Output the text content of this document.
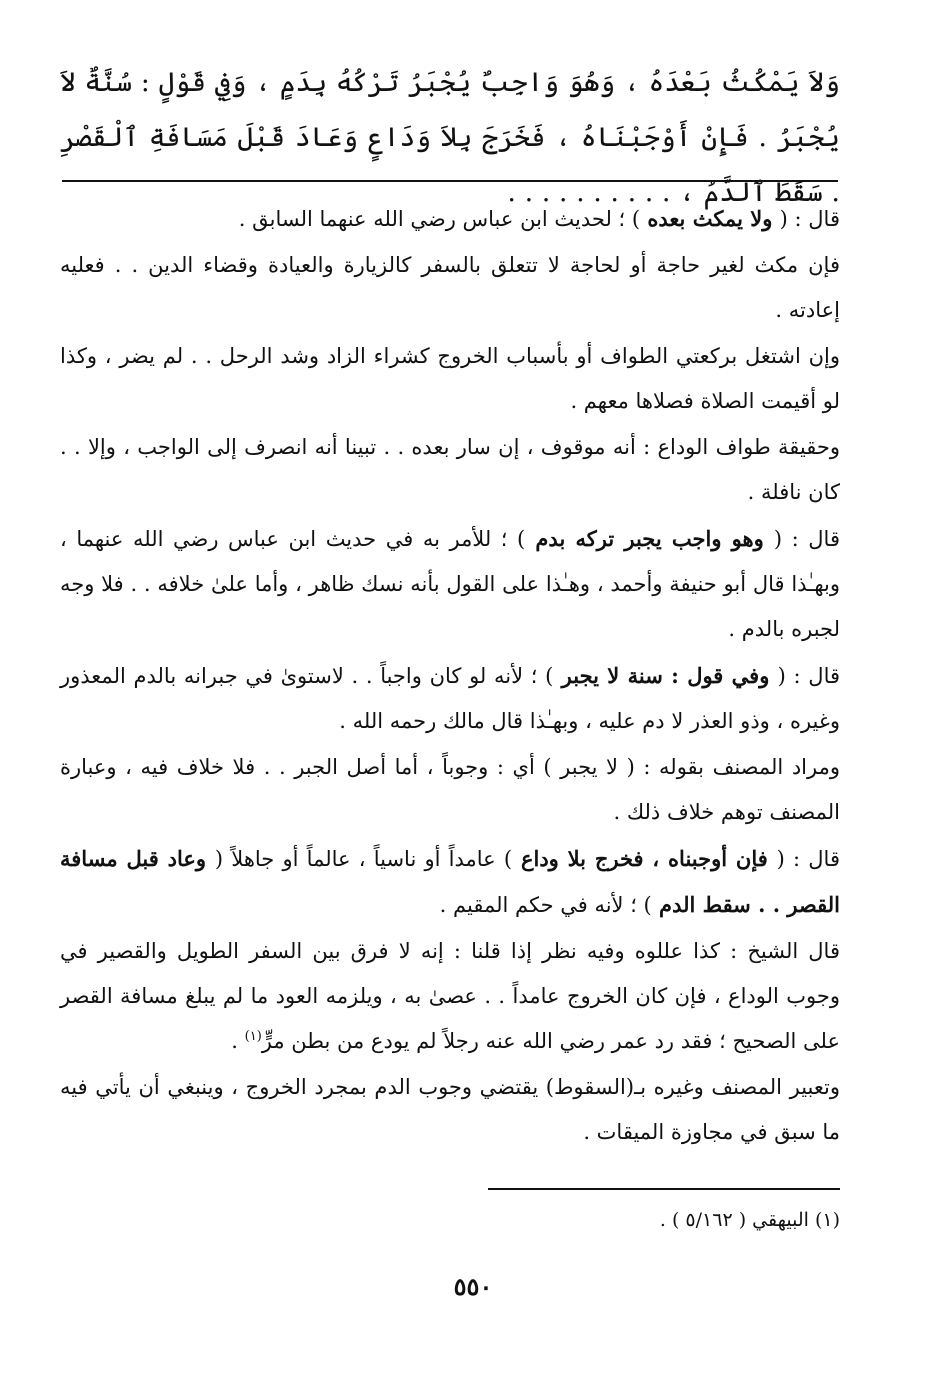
وَلاَ يَمْكُثُ بَعْدَهُ ، وَهُوَ وَاجِبٌ يُجْبَرُ تَرْكُهُ بِدَمٍ ، وَفِي قَوْلٍ : سُنَّةٌ لاَ يُجْبَرُ . فَإِنْ أَوْجَبْنَاهُ ، فَخَرَجَ بِلاَ وَدَاعٍ وَعَادَ قَبْلَ مَسَافَةِ ٱلْقَصْرِ . سَقَطَ ٱلدَّمُ ، . . . . . . . . . .

قال : ( ولا يمكث بعده ) ؛ لحديث ابن عباس رضي الله عنهما السابق .

فإن مكث لغير حاجة أو لحاجة لا تتعلق بالسفر كالزيارة والعيادة وقضاء الدين . . فعليه إعادته .

وإن اشتغل بركعتي الطواف أو بأسباب الخروج كشراء الزاد وشد الرحل . . لم يضر ، وكذا لو أقيمت الصلاة فصلاها معهم .

وحقيقة طواف الوداع : أنه موقوف ، إن سار بعده . . تبينا أنه انصرف إلى الواجب ، وإلا . . كان نافلة .

قال : ( وهو واجب يجبر تركه بدم ) ؛ للأمر به في حديث ابن عباس رضي الله عنهما ، وبهـٰذا قال أبو حنيفة وأحمد ، وهـٰذا على القول بأنه نسك ظاهر ، وأما علىٰ خلافه . . فلا وجه لجبره بالدم .

قال : ( وفي قول : سنة لا يجبر ) ؛ لأنه لو كان واجباً . . لاستوىٰ في جبرانه بالدم المعذور وغيره ، وذو العذر لا دم عليه ، وبهـٰذا قال مالك رحمه الله .

ومراد المصنف بقوله : ( لا يجبر ) أي : وجوباً ، أما أصل الجبر . . فلا خلاف فيه ، وعبارة المصنف توهم خلاف ذلك .

قال : ( فإن أوجبناه ، فخرج بلا وداع ) عامداً أو ناسياً ، عالماً أو جاهلاً ( وعاد قبل مسافة القصر . . سقط الدم ) ؛ لأنه في حكم المقيم .

قال الشيخ : كذا عللوه وفيه نظر إذا قلنا : إنه لا فرق بين السفر الطويل والقصير في وجوب الوداع ، فإن كان الخروج عامداً . . عصىٰ به ، ويلزمه العود ما لم يبلغ مسافة القصر على الصحيح ؛ فقد رد عمر رضي الله عنه رجلاً لم يودع من بطن مرٍّ$^{(١)}$ .

وتعبير المصنف وغيره بـ(السقوط) يقتضي وجوب الدم بمجرد الخروج ، وينبغي أن يأتي فيه ما سبق في مجاوزة الميقات .

(١) البيهقي ( ٥/١٦٢ ) .
٥٥٠
